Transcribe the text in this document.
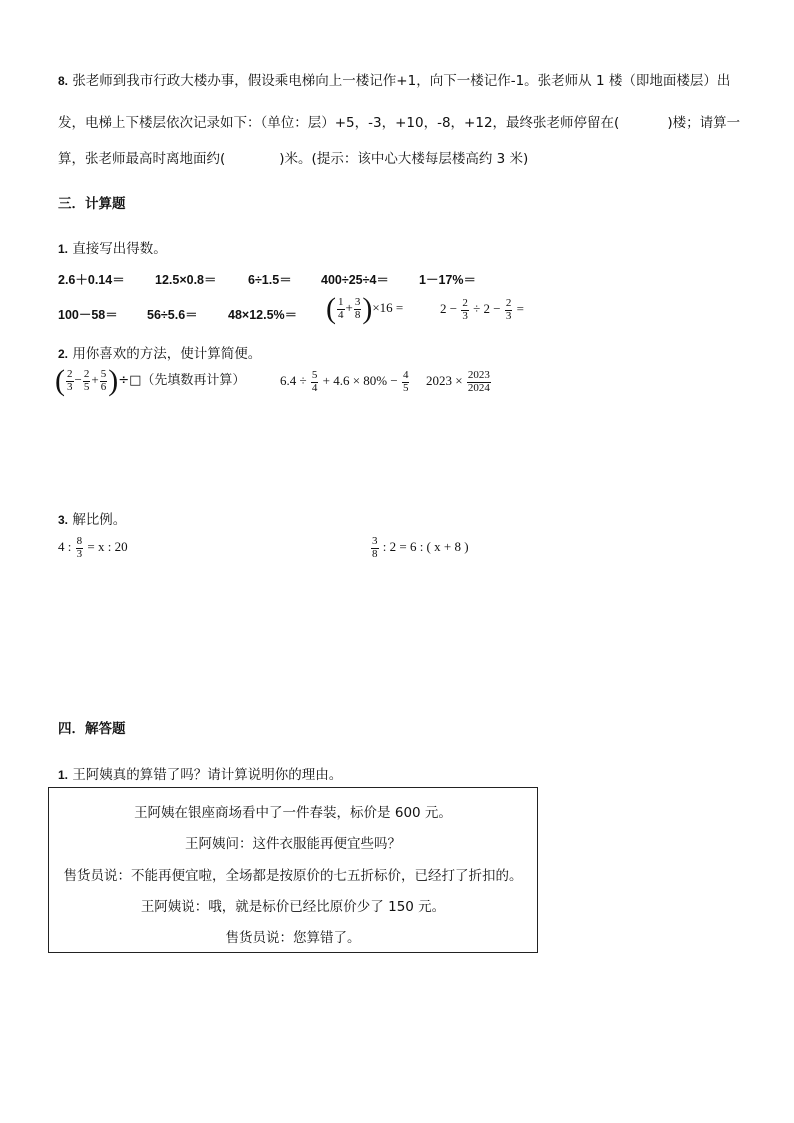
8. 张老师到我市行政大楼办事，假设乘电梯向上一楼记作+1，向下一楼记作-1。张老师从 1 楼（即地面楼层）出
发，电梯上下楼层依次记录如下：（单位：层）+5，-3，+10，-8，+12，最终张老师停留在(	)楼；请算一
算，张老师最高时离地面约(	)米。(提示：该中心大楼每层楼高约 3 米)
三．计算题
1. 直接写出得数。
2.6＋0.14＝ 12.5×0.8＝	6÷1.5＝ 400÷25÷4＝ 1－17%＝
100－58＝ 56÷5.6＝ 48×12.5%＝ ( $\frac{1}{4} + \frac{3}{8} )\times 16$ =	$2 - \frac{2}{3} \div 2 - \frac{2}{3}$ =
2. 用你喜欢的方法，使计算简便。
( $\frac{2}{3} - \frac{2}{5} + \frac{5}{6}$ )÷□（先填数再计算）	$6.4 \div \frac{5}{4} + 4.6 \times 80\% - \frac{4}{5} 2023 \times \frac{2023}{2024}$
3. 解比例。
4 : $\frac{8}{3} = x$ : 20	$\frac{3}{8}$ : 2 = 6 : ( x + 8 )
四．解答题
1. 王阿姨真的算错了吗？请计算说明你的理由。
王阿姨在银座商场看中了一件春装，标价是 600 元。
王阿姨问：这件衣服能再便宜些吗？
售货员说：不能再便宜啦，全场都是按原价的七五折标价，已经打了折扣的。
王阿姨说：哦，就是标价已经比原价少了 150 元。
售货员说：您算错了。
